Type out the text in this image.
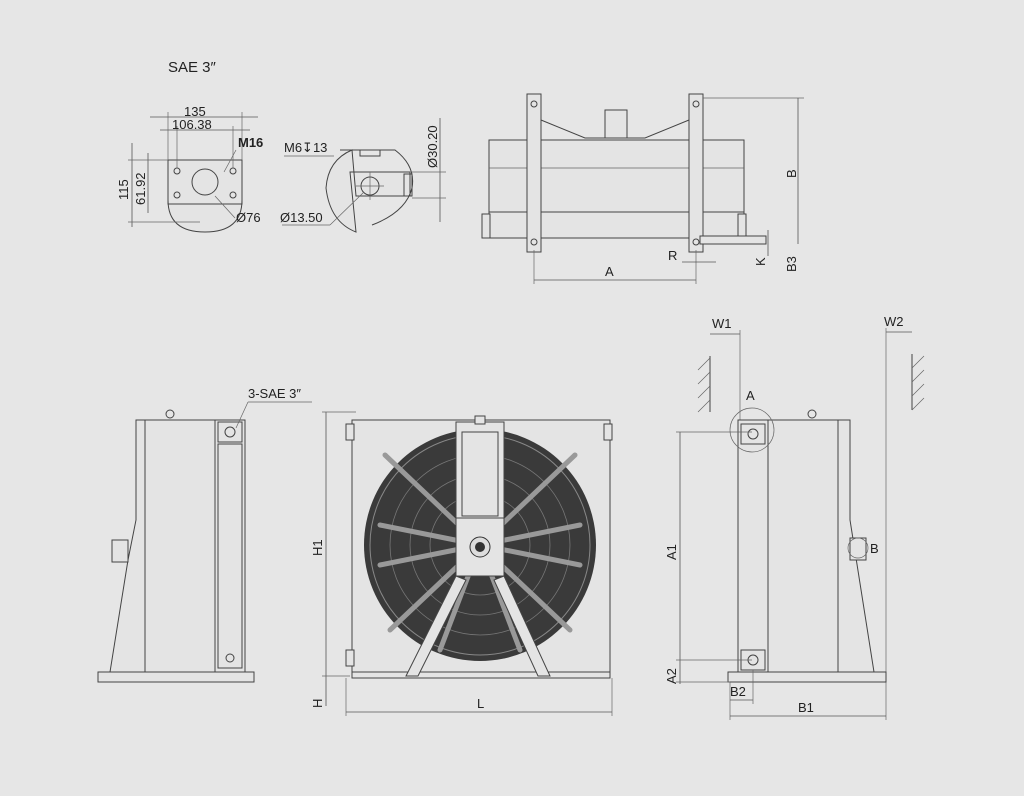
SAE 3″
135
106.38
M16
115 61.92
Ø76
M6↧13	Ø30.20
Ø13.50
B
A
R	K B3
3-SAE 3″
H1
H	L
W1	W2
A
B
A1
A2
B2
B1
